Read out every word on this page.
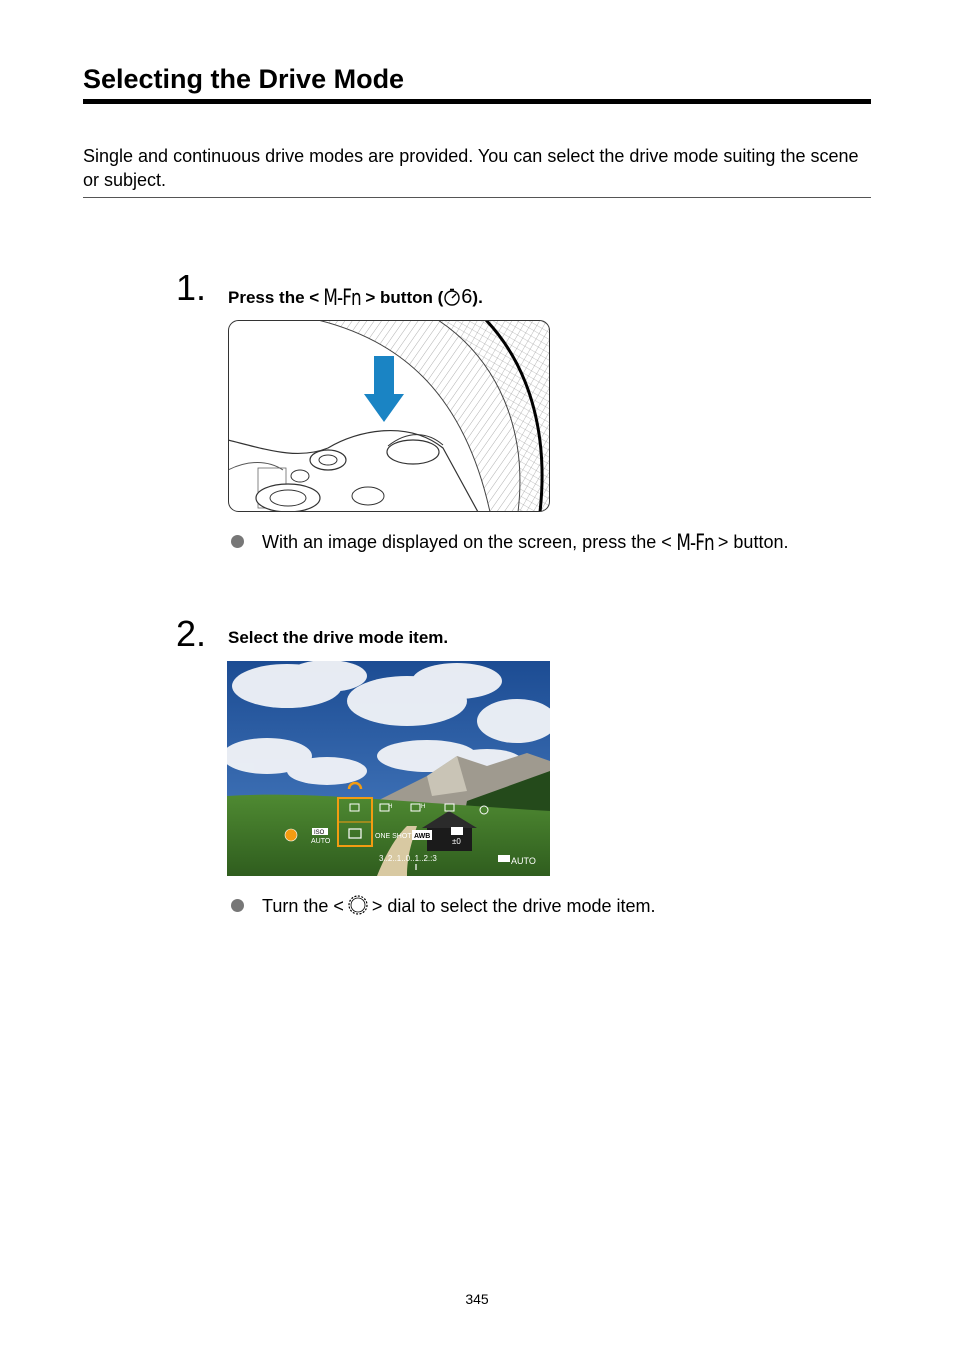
Selecting the Drive Mode
Single and continuous drive modes are provided. You can select the drive mode suiting the scene or subject.
1. Press the < M-Fn > button ( 6).
With an image displayed on the screen, press the < M-Fn > button.
2. Select the drive mode item.
H	H
ISO
AUTO
ONE SHOT AWB
±0
3..2..1..0..1..2.:3	AUTO
Turn the < > dial to select the drive mode item.
345
